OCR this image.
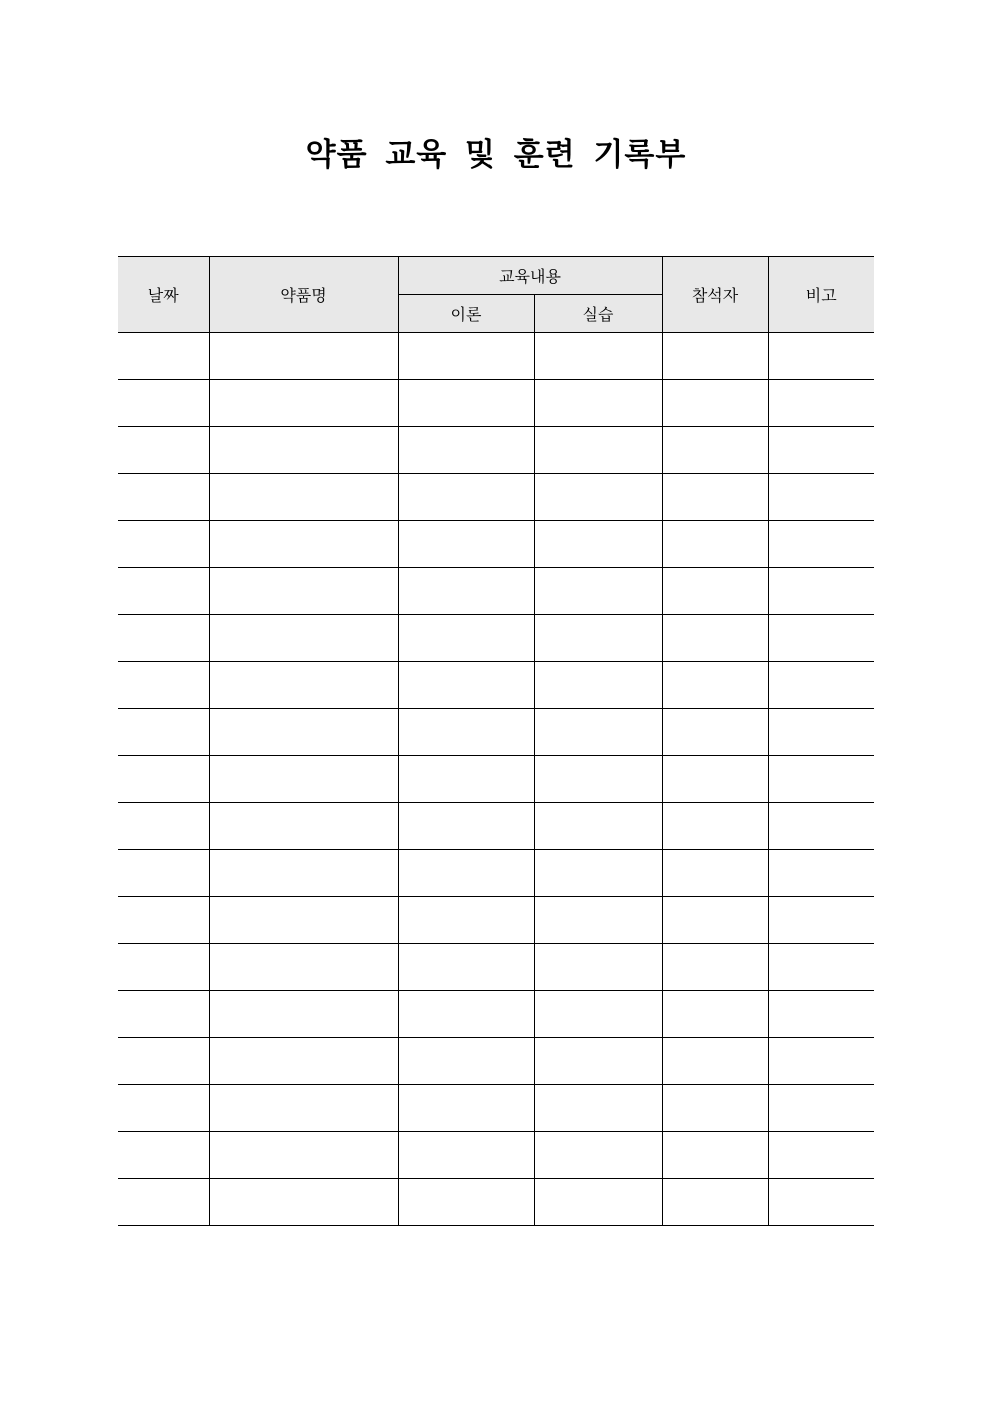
약품 교육 및 훈련 기록부
날짜	약품명	교육내용		참석자	비고
		이론	실습		
